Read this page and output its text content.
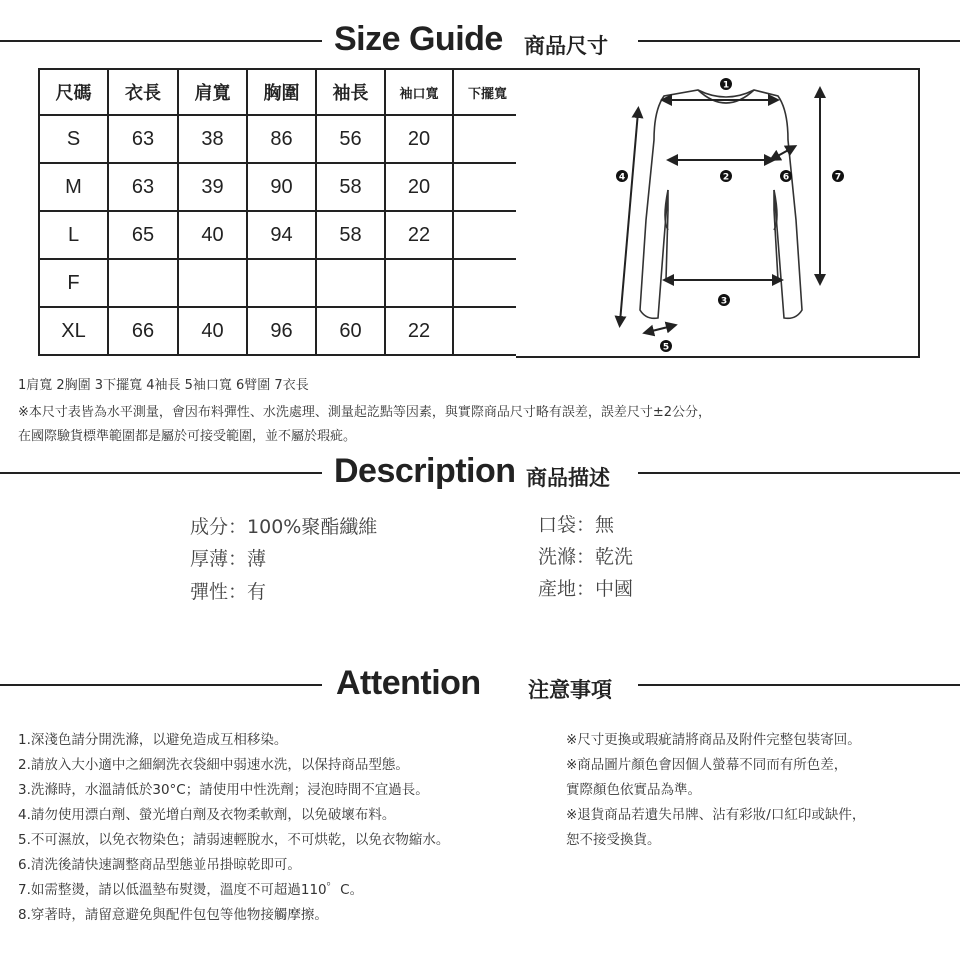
Size Guide 商品尺寸
尺碼	衣長	肩寬	胸圍	袖長	袖口寬	下擺寬
S	63	38	86	56	20	
M	63	39	90	58	20	
L	65	40	94	58	22	
F						
XL	66	40	96	60	22	
1
2
3
4
5
6	7
1肩寬 2胸圍 3下擺寬 4袖長 5袖口寬 6臂圍 7衣長
※本尺寸表皆為水平測量，會因布料彈性、水洗處理、測量起訖點等因素，與實際商品尺寸略有誤差，誤差尺寸±2公分，
在國際驗貨標準範圍都是屬於可接受範圍，並不屬於瑕疵。
Description 商品描述
成分：100%聚酯纖維
厚薄：薄
彈性：有
口袋：無
洗滌：乾洗
產地：中國
Attention 注意事項
1.深淺色請分開洗滌，以避免造成互相移染。
2.請放入大小適中之細網洗衣袋細中弱速水洗，以保持商品型態。
3.洗滌時，水溫請低於30°C；請使用中性洗劑；浸泡時間不宜過長。
4.請勿使用漂白劑、螢光增白劑及衣物柔軟劑，以免破壞布料。
5.不可濕放，以免衣物染色；請弱速輕脫水，不可烘乾，以免衣物縮水。
6.清洗後請快速調整商品型態並吊掛晾乾即可。
7.如需整燙，請以低溫墊布熨燙，溫度不可超過110゜C。
8.穿著時，請留意避免與配件包包等他物接觸摩擦。
※尺寸更換或瑕疵請將商品及附件完整包裝寄回。
※商品圖片顏色會因個人螢幕不同而有所色差，
實際顏色依實品為準。
※退貨商品若遺失吊牌、沾有彩妝/口紅印或缺件，
恕不接受換貨。
